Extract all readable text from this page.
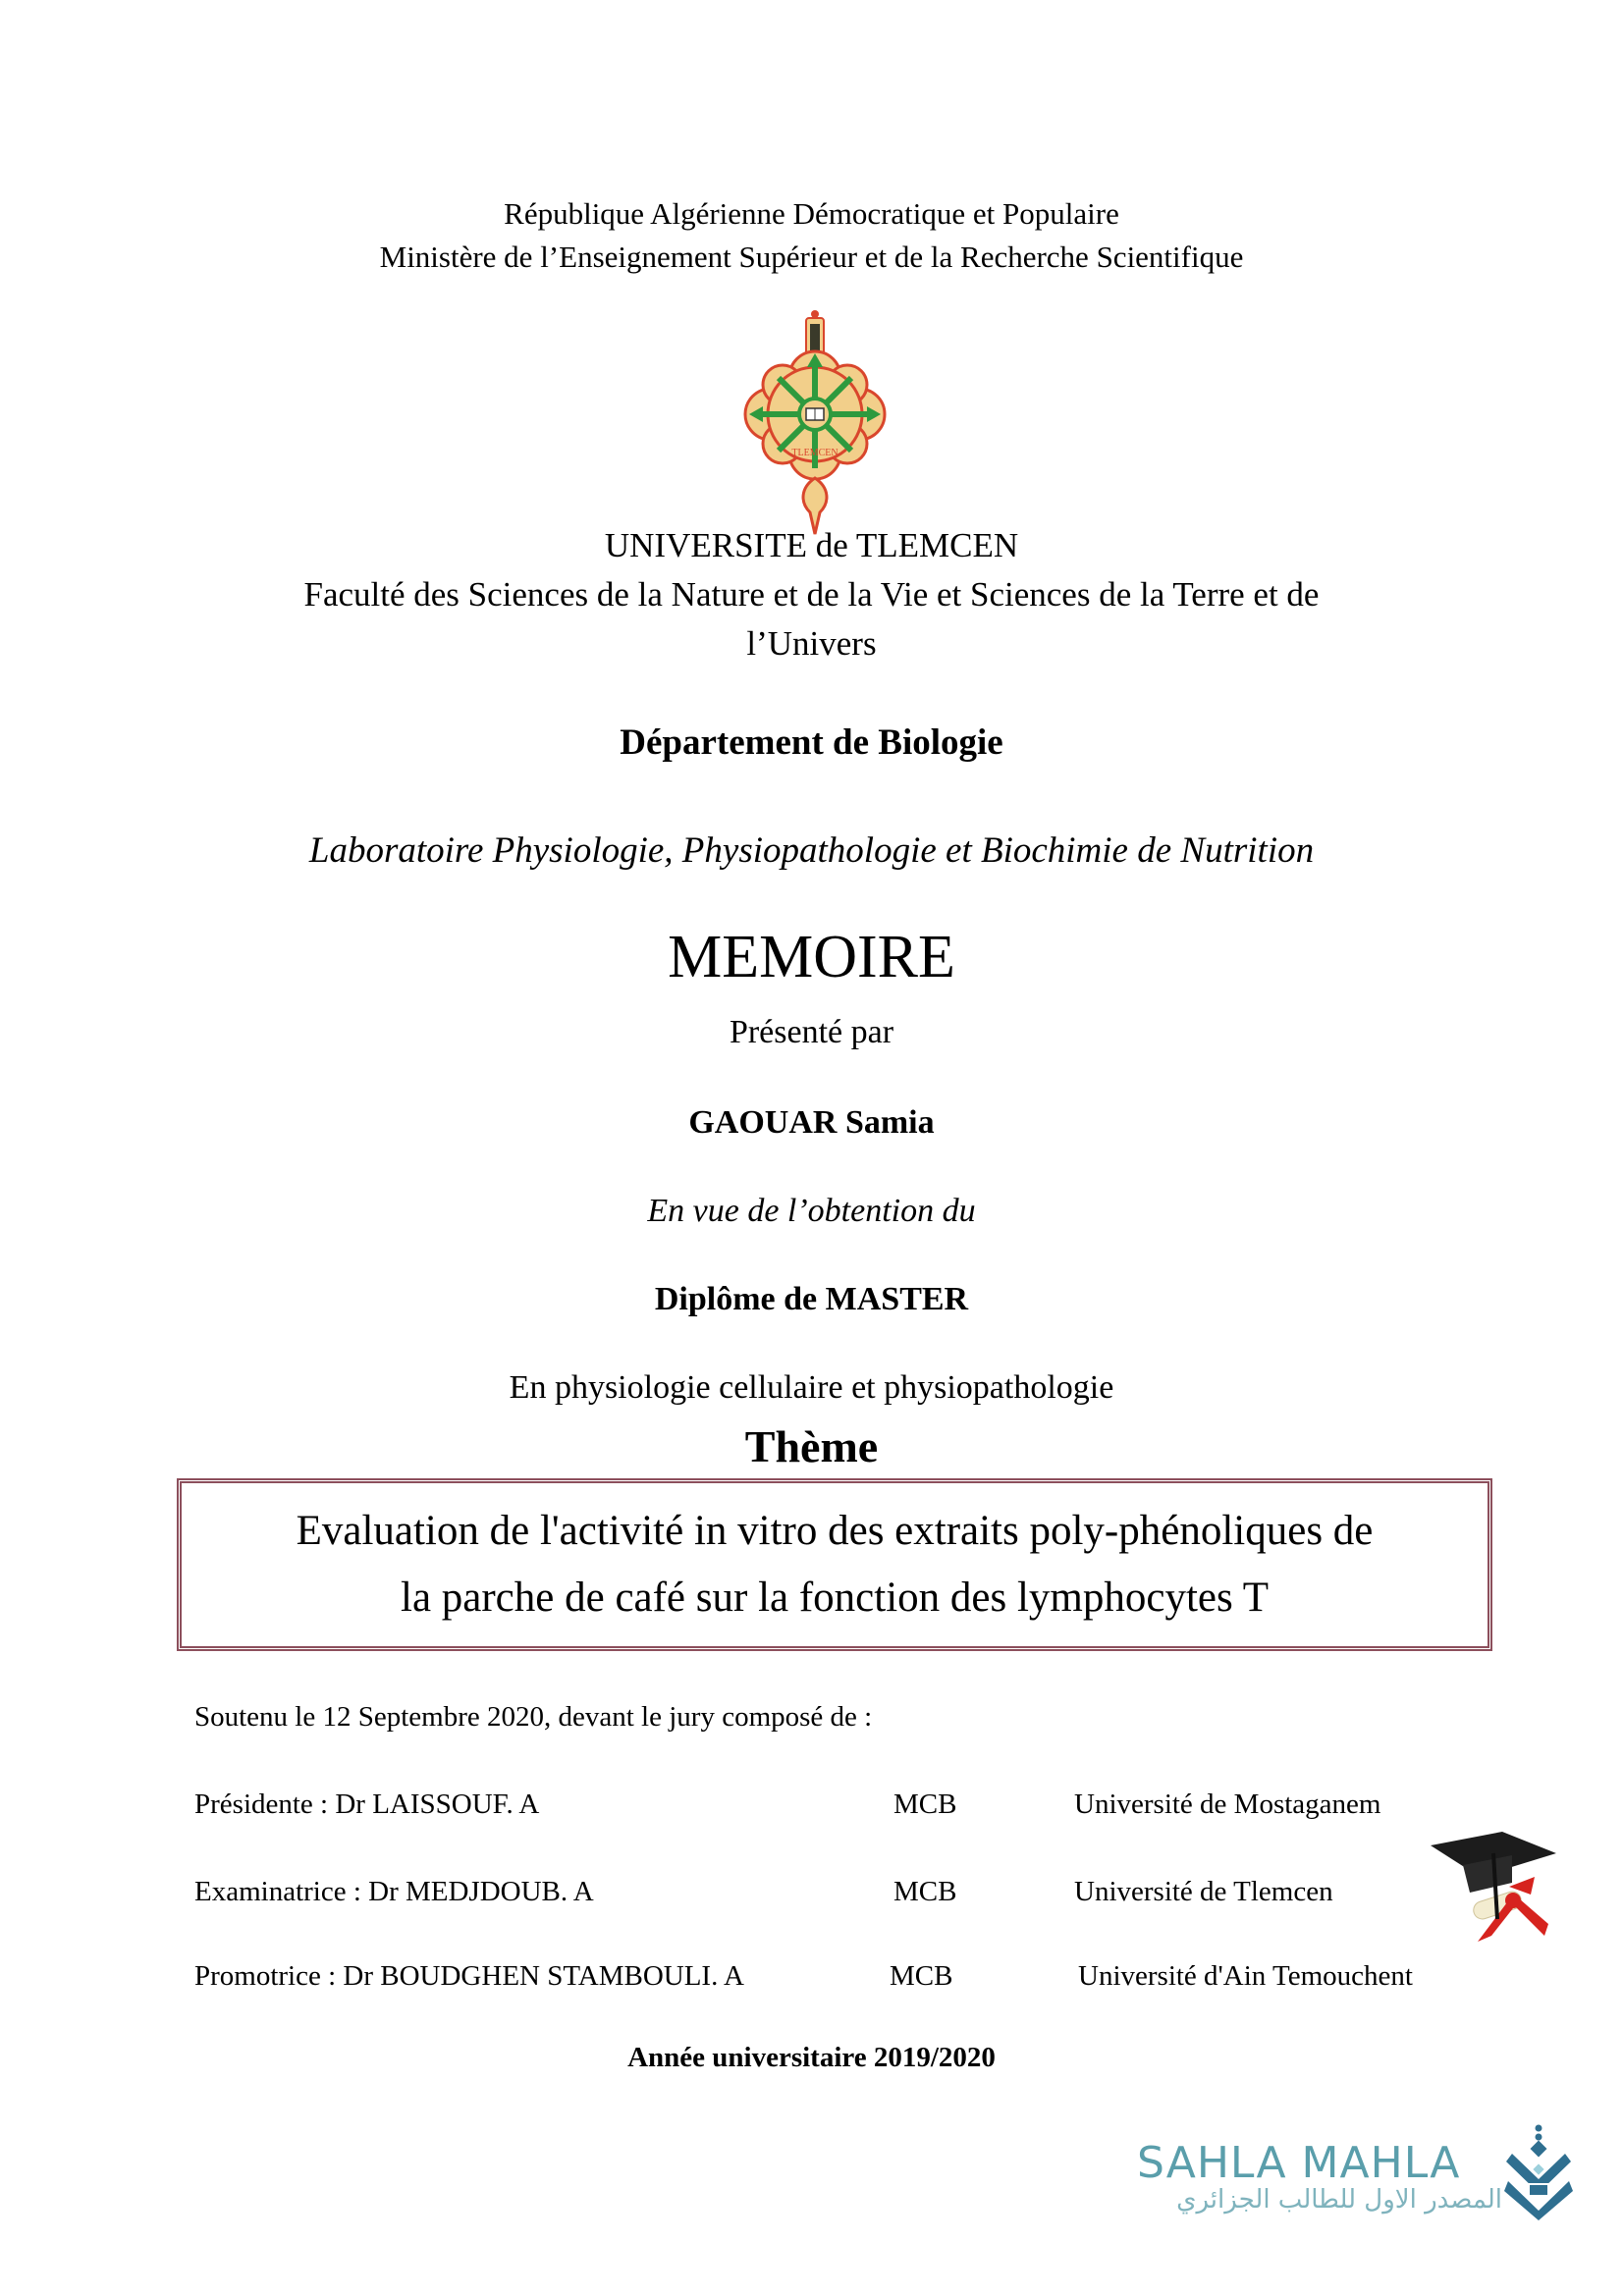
République Algérienne Démocratique et Populaire
Ministère de l’Enseignement Supérieur et de la Recherche Scientifique
TLEMCEN
UNIVERSITE de TLEMCEN
Faculté des Sciences de la Nature et de la Vie et Sciences de la Terre et de
l’Univers
Département de Biologie
Laboratoire Physiologie, Physiopathologie et Biochimie de Nutrition
MEMOIRE
Présenté par
GAOUAR Samia
En vue de l’obtention du
Diplôme de MASTER
En physiologie cellulaire et physiopathologie
Thème
Evaluation de l'activité in vitro des extraits poly-phénoliques de
la parche de café sur la fonction des lymphocytes T
Soutenu le 12 Septembre 2020, devant le jury composé de :
Présidente : Dr LAISSOUF. A	MCB	Université de Mostaganem
Examinatrice : Dr MEDJDOUB. A	MCB	Université de Tlemcen
Promotrice : Dr BOUDGHEN STAMBOULI. A	MCB	Université d'Ain Temouchent
Année universitaire 2019/2020
SAHLA MAHLA
المصدر الاول للطالب الجزائري
